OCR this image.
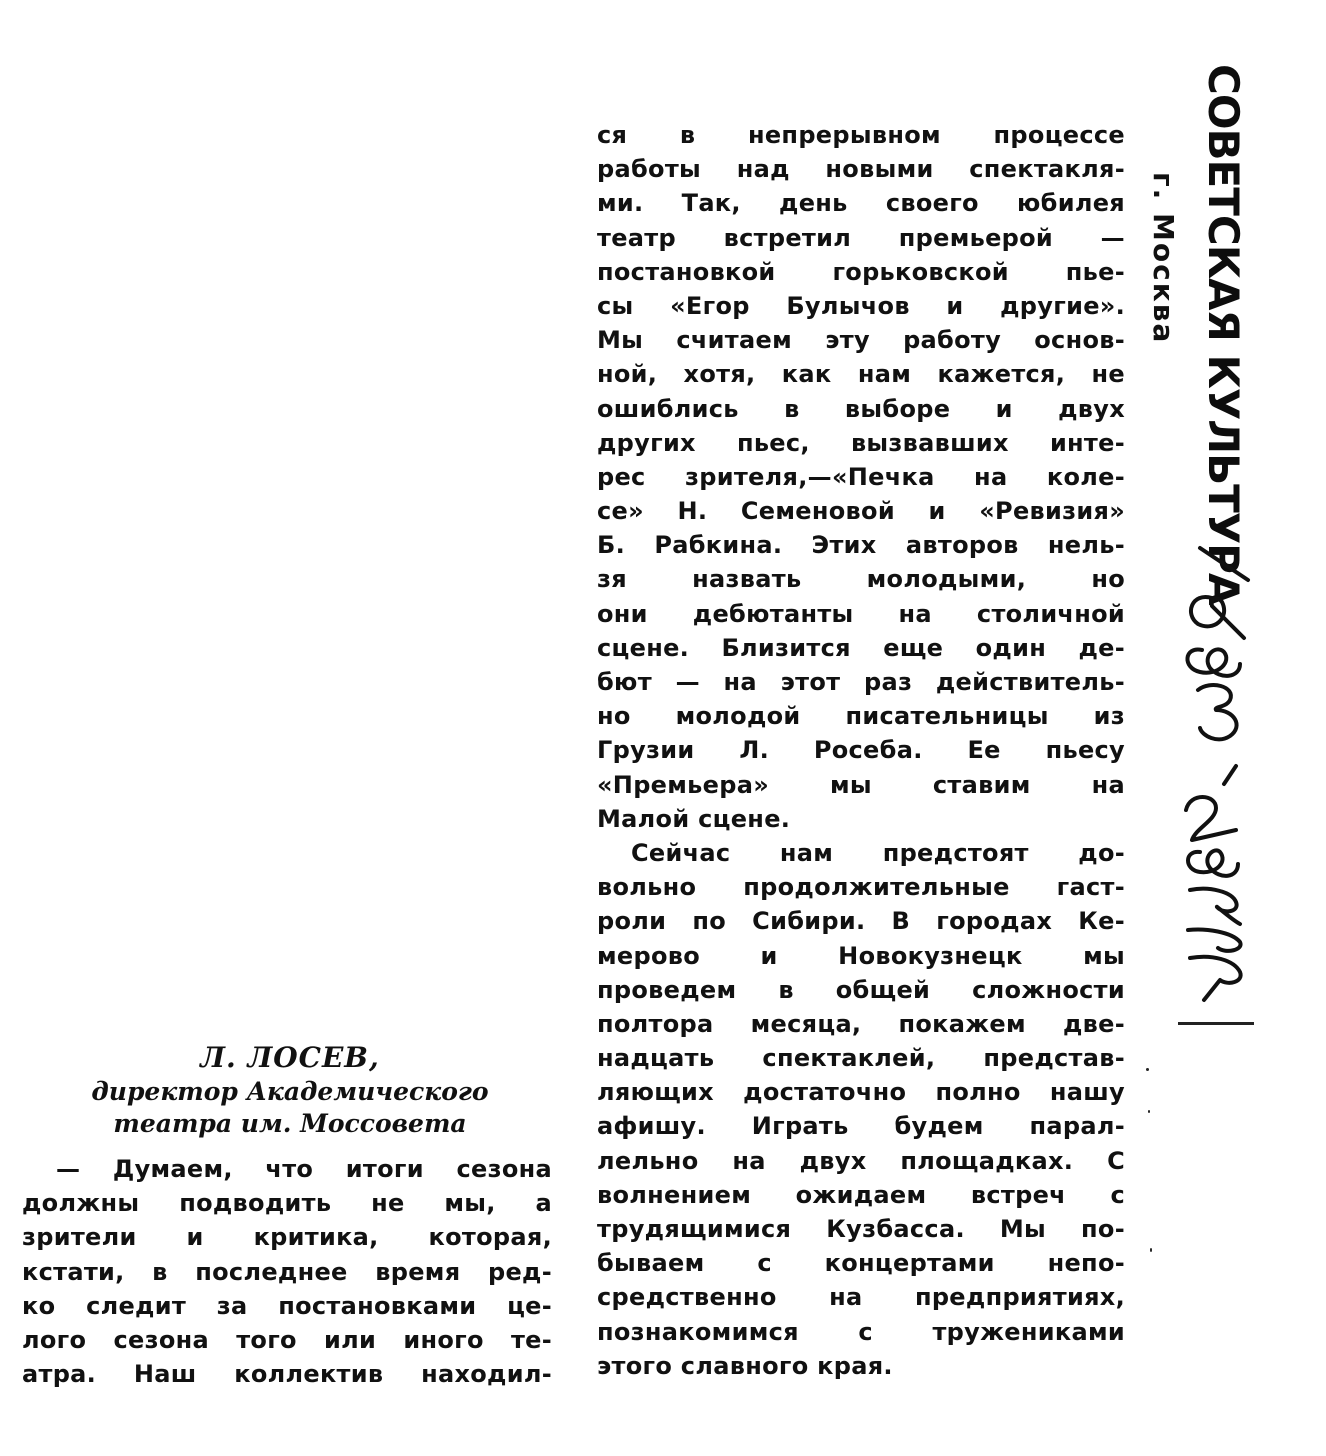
Л. ЛОСЕВ,
директор Академического
театра им. Моссовета
— Думаем, что итоги сезона
должны подводить не мы, а
зрители и критика, которая,
кстати, в последнее время ред-
ко следит за постановками це-
лого сезона того или иного те-
атра. Наш коллектив находил-
ся в непрерывном процессе
работы над новыми спектакля-
ми. Так, день своего юбилея
театр встретил премьерой —
постановкой горьковской пье-
сы «Егор Булычов и другие».
Мы считаем эту работу основ-
ной, хотя, как нам кажется, не
ошиблись в выборе и двух
других пьес, вызвавших инте-
рес зрителя,—«Печка на коле-
се» Н. Семеновой и «Ревизия»
Б. Рабкина. Этих авторов нель-
зя назвать молодыми, но
они дебютанты на столичной
сцене. Близится еще один де-
бют — на этот раз действитель-
но молодой писательницы из
Грузии Л. Росеба. Ее пьесу
«Премьера» мы ставим на
Малой сцене.
Сейчас нам предстоят до-
вольно продолжительные гаст-
роли по Сибири. В городах Ке-
мерово и Новокузнецк мы
проведем в общей сложности
полтора месяца, покажем две-
надцать спектаклей, представ-
ляющих достаточно полно нашу
афишу. Играть будем парал-
лельно на двух площадках. С
волнением ожидаем встреч с
трудящимися Кузбасса. Мы по-
бываем с концертами непо-
средственно на предприятиях,
познакомимся с тружениками
этого славного края.
СОВЕТСКАЯ КУЛЬТУРА
г. Москва
